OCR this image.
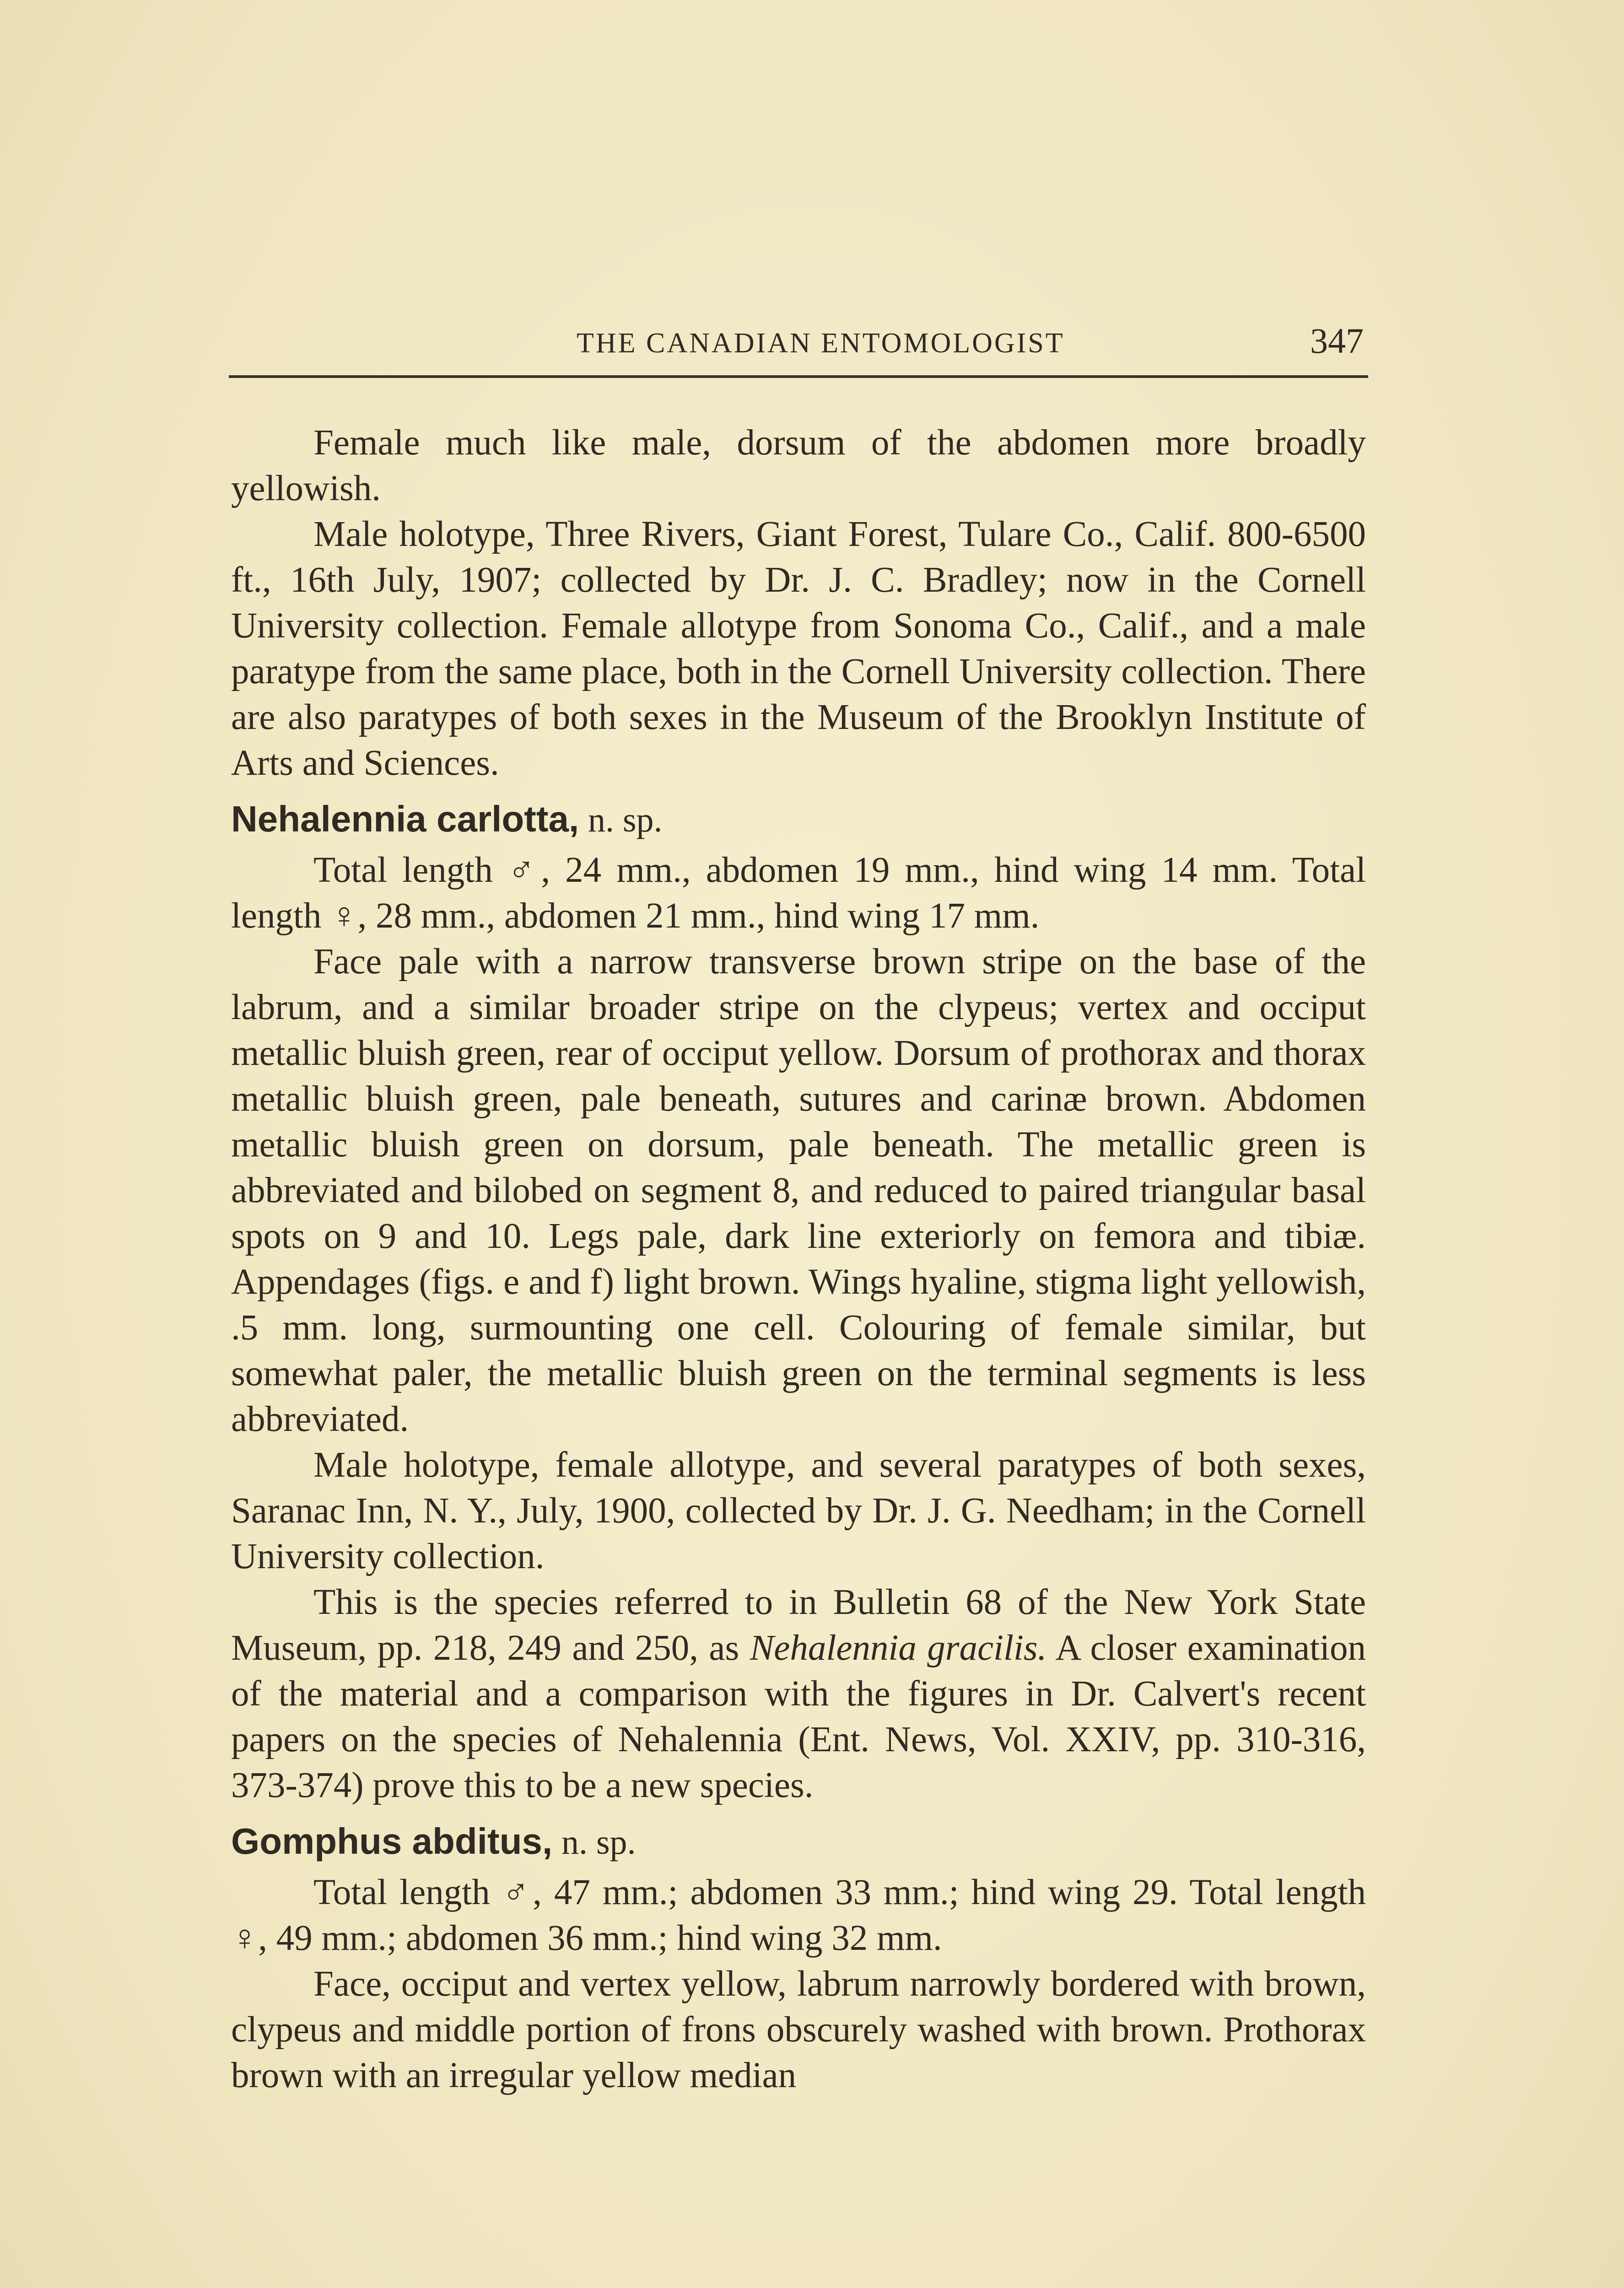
THE CANADIAN ENTOMOLOGIST	347

Female much like male, dorsum of the abdomen more broadly yellowish.

Male holotype, Three Rivers, Giant Forest, Tulare Co., Calif. 800-6500 ft., 16th July, 1907; collected by Dr. J. C. Bradley; now in the Cornell University collection. Female allotype from Sonoma Co., Calif., and a male paratype from the same place, both in the Cornell University collection. There are also paratypes of both sexes in the Museum of the Brooklyn Institute of Arts and Sciences.

Nehalennia carlotta, n. sp.

Total length ♂, 24 mm., abdomen 19 mm., hind wing 14 mm. Total length ♀, 28 mm., abdomen 21 mm., hind wing 17 mm.

Face pale with a narrow transverse brown stripe on the base of the labrum, and a similar broader stripe on the clypeus; vertex and occiput metallic bluish green, rear of occiput yellow. Dorsum of prothorax and thorax metallic bluish green, pale beneath, sutures and carinæ brown. Abdomen metallic bluish green on dorsum, pale beneath. The metallic green is abbreviated and bilobed on segment 8, and reduced to paired triangular basal spots on 9 and 10. Legs pale, dark line exteriorly on femora and tibiæ. Appendages (figs. e and f) light brown. Wings hyaline, stigma light yellowish, .5 mm. long, surmounting one cell. Colouring of female similar, but somewhat paler, the metallic bluish green on the terminal segments is less abbreviated.

Male holotype, female allotype, and several paratypes of both sexes, Saranac Inn, N. Y., July, 1900, collected by Dr. J. G. Needham; in the Cornell University collection.

This is the species referred to in Bulletin 68 of the New York State Museum, pp. 218, 249 and 250, as Nehalennia gracilis. A closer examination of the material and a comparison with the figures in Dr. Calvert's recent papers on the species of Nehalennia (Ent. News, Vol. XXIV, pp. 310-316, 373-374) prove this to be a new species.

Gomphus abditus, n. sp.

Total length ♂, 47 mm.; abdomen 33 mm.; hind wing 29. Total length ♀, 49 mm.; abdomen 36 mm.; hind wing 32 mm.

Face, occiput and vertex yellow, labrum narrowly bordered with brown, clypeus and middle portion of frons obscurely washed with brown. Prothorax brown with an irregular yellow median
